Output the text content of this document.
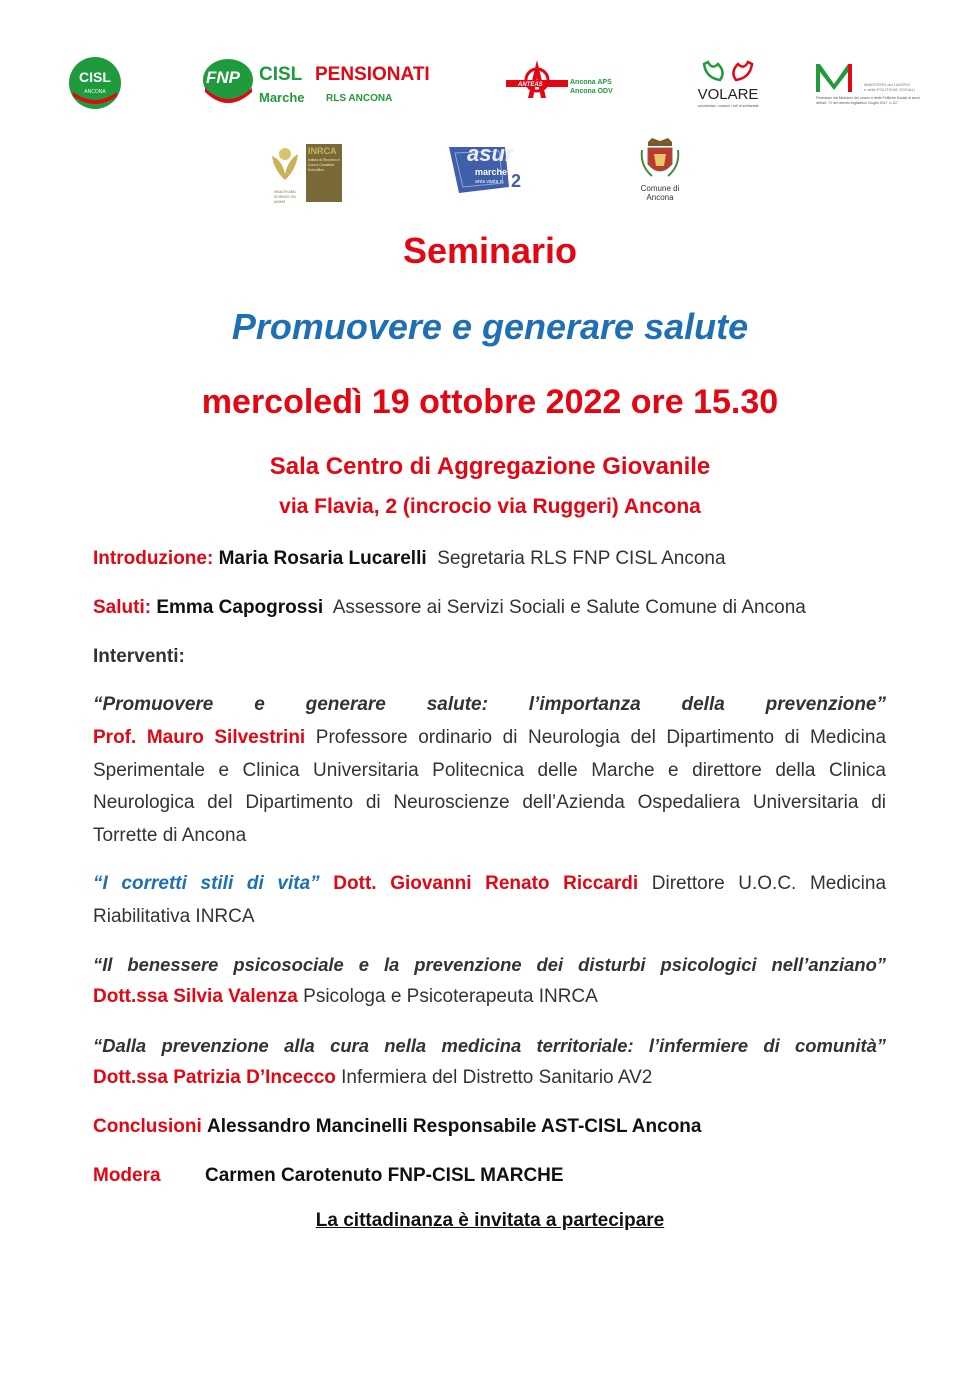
CISL
ANCONA
FNP CISL PENSIONATI
Marche RLS ANCONA
ANTEAS	Ancona APS
Ancona ODV	VOLARE
volontariato • anziani • reti di solidarietà
MINISTERO del LAVORO
e delle POLITICHE SOCIALI
Finanziato dal Ministero del Lavoro e delle Politiche Sociali ai sensi dell'art. 72 del decreto legislativo 3 luglio 2017, n.117
INRCA
Istituto di Ricovero e Cura a Carattere Scientifico
HEALTH AND SCIENCE ON AGING
asur
marche
area vasta n. 2	Comune di
Ancona
Seminario
Promuovere e generare salute
mercoledì 19 ottobre 2022 ore 15.30
Sala Centro di Aggregazione Giovanile
via Flavia, 2 (incrocio via Ruggeri) Ancona
Introduzione: Maria Rosaria Lucarelli Segretaria RLS FNP CISL Ancona
Saluti: Emma Capogrossi Assessore ai Servizi Sociali e Salute Comune di Ancona
Interventi:
“Promuovere e generare salute: l’importanza della prevenzione”
Prof. Mauro Silvestrini Professore ordinario di Neurologia del Dipartimento di Medicina Sperimentale e Clinica Universitaria Politecnica delle Marche e direttore della Clinica Neurologica del Dipartimento di Neuroscienze dell’Azienda Ospedaliera Universitaria di Torrette di Ancona
“I corretti stili di vita” Dott. Giovanni Renato Riccardi Direttore U.O.C. Medicina Riabilitativa INRCA
“Il benessere psicosociale e la prevenzione dei disturbi psicologici nell’anziano”
Dott.ssa Silvia Valenza Psicologa e Psicoterapeuta INRCA
“Dalla prevenzione alla cura nella medicina territoriale: l’infermiere di comunità”
Dott.ssa Patrizia D’Incecco Infermiera del Distretto Sanitario AV2
Conclusioni Alessandro Mancinelli Responsabile AST-CISL Ancona
Modera Carmen Carotenuto FNP-CISL MARCHE
La cittadinanza è invitata a partecipare
